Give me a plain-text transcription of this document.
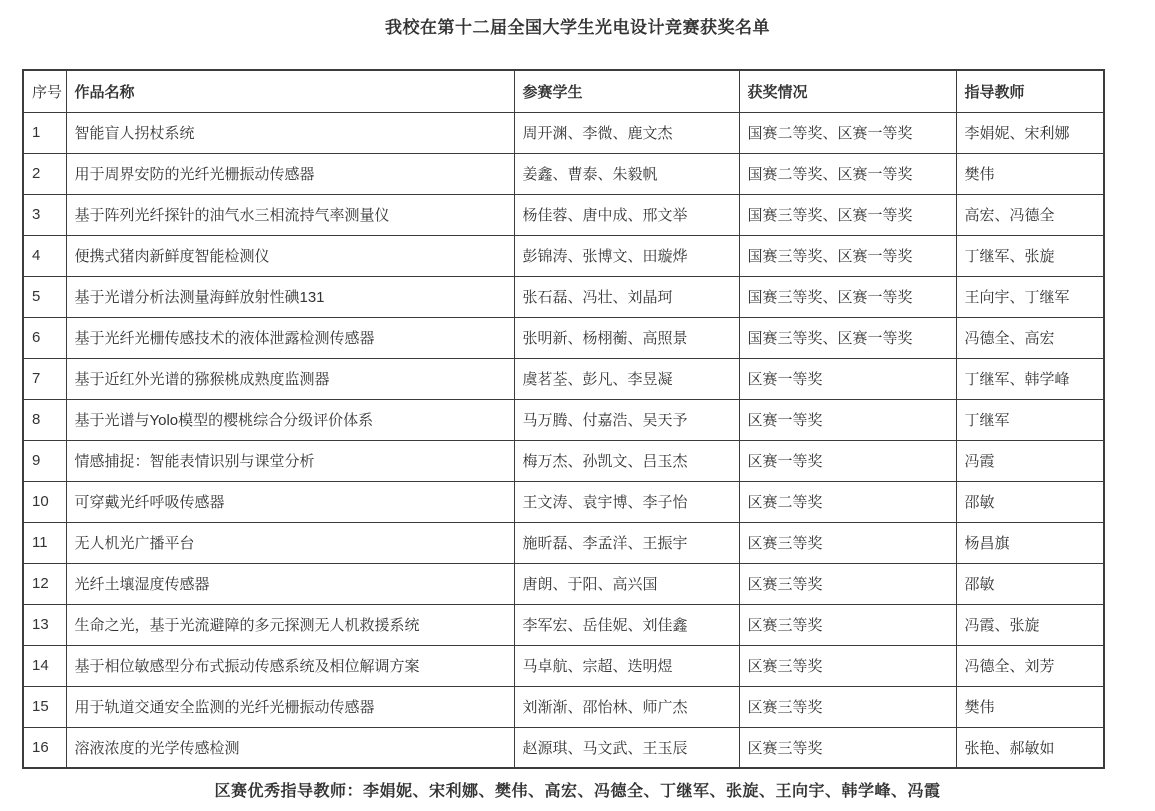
我校在第十二届全国大学生光电设计竞赛获奖名单
序号	作品名称	参赛学生	获奖情况	指导教师
1	智能盲人拐杖系统	周开渊、李微、鹿文杰	国赛二等奖、区赛一等奖	李娟妮、宋利娜
2	用于周界安防的光纤光栅振动传感器	姜鑫、曹泰、朱毅帆	国赛二等奖、区赛一等奖	樊伟
3	基于阵列光纤探针的油气水三相流持气率测量仪	杨佳蓉、唐中成、邢文举	国赛三等奖、区赛一等奖	高宏、冯德全
4	便携式猪肉新鲜度智能检测仪	彭锦涛、张博文、田璇烨	国赛三等奖、区赛一等奖	丁继军、张旋
5	基于光谱分析法测量海鲜放射性碘131	张石磊、冯壮、刘晶珂	国赛三等奖、区赛一等奖	王向宇、丁继军
6	基于光纤光栅传感技术的液体泄露检测传感器	张明新、杨栩蘅、高照景	国赛三等奖、区赛一等奖	冯德全、高宏
7	基于近红外光谱的猕猴桃成熟度监测器	虞茗荃、彭凡、李昱凝	区赛一等奖	丁继军、韩学峰
8	基于光谱与Yolo模型的樱桃综合分级评价体系	马万腾、付嘉浩、吴天予	区赛一等奖	丁继军
9	情感捕捉：智能表情识别与课堂分析	梅万杰、孙凯文、吕玉杰	区赛一等奖	冯霞
10	可穿戴光纤呼吸传感器	王文涛、袁宇博、李子怡	区赛二等奖	邵敏
11	无人机光广播平台	施昕磊、李孟洋、王振宇	区赛三等奖	杨昌旗
12	光纤土壤湿度传感器	唐朗、于阳、高兴国	区赛三等奖	邵敏
13	生命之光，基于光流避障的多元探测无人机救援系统	李军宏、岳佳妮、刘佳鑫	区赛三等奖	冯霞、张旋
14	基于相位敏感型分布式振动传感系统及相位解调方案	马卓航、宗超、迭明煜	区赛三等奖	冯德全、刘芳
15	用于轨道交通安全监测的光纤光栅振动传感器	刘渐渐、邵怡林、师广杰	区赛三等奖	樊伟
16	溶液浓度的光学传感检测	赵源琪、马文武、王玉辰	区赛三等奖	张艳、郝敏如
区赛优秀指导教师：李娟妮、宋利娜、樊伟、高宏、冯德全、丁继军、张旋、王向宇、韩学峰、冯霞
